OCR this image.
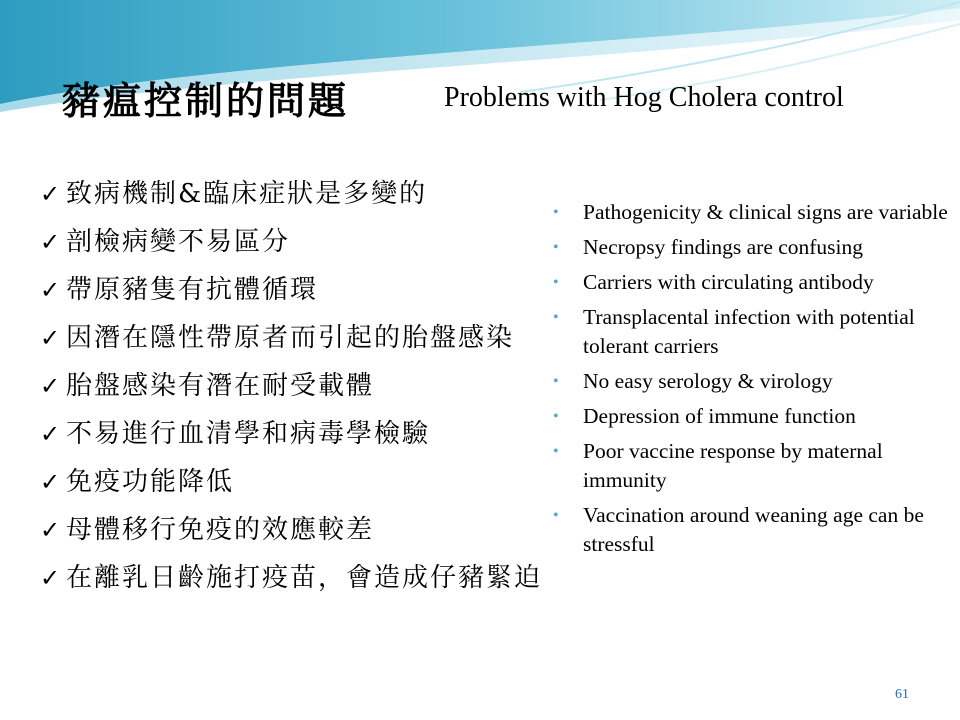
豬瘟控制的問題	Problems with Hog Cholera control
✓ 致病機制&臨床症狀是多變的
✓ 剖檢病變不易區分
✓ 帶原豬隻有抗體循環
✓ 因潛在隱性帶原者而引起的胎盤感染
✓ 胎盤感染有潛在耐受載體
✓ 不易進行血清學和病毒學檢驗
✓ 免疫功能降低
✓ 母體移行免疫的效應較差
✓ 在離乳日齡施打疫苗，會造成仔豬緊迫
• Pathogenicity & clinical signs are variable
• Necropsy findings are confusing
• Carriers with circulating antibody
• Transplacental infection with potential tolerant carriers
• No easy serology & virology
• Depression of immune function
• Poor vaccine response by maternal immunity
• Vaccination around weaning age can be stressful
61
